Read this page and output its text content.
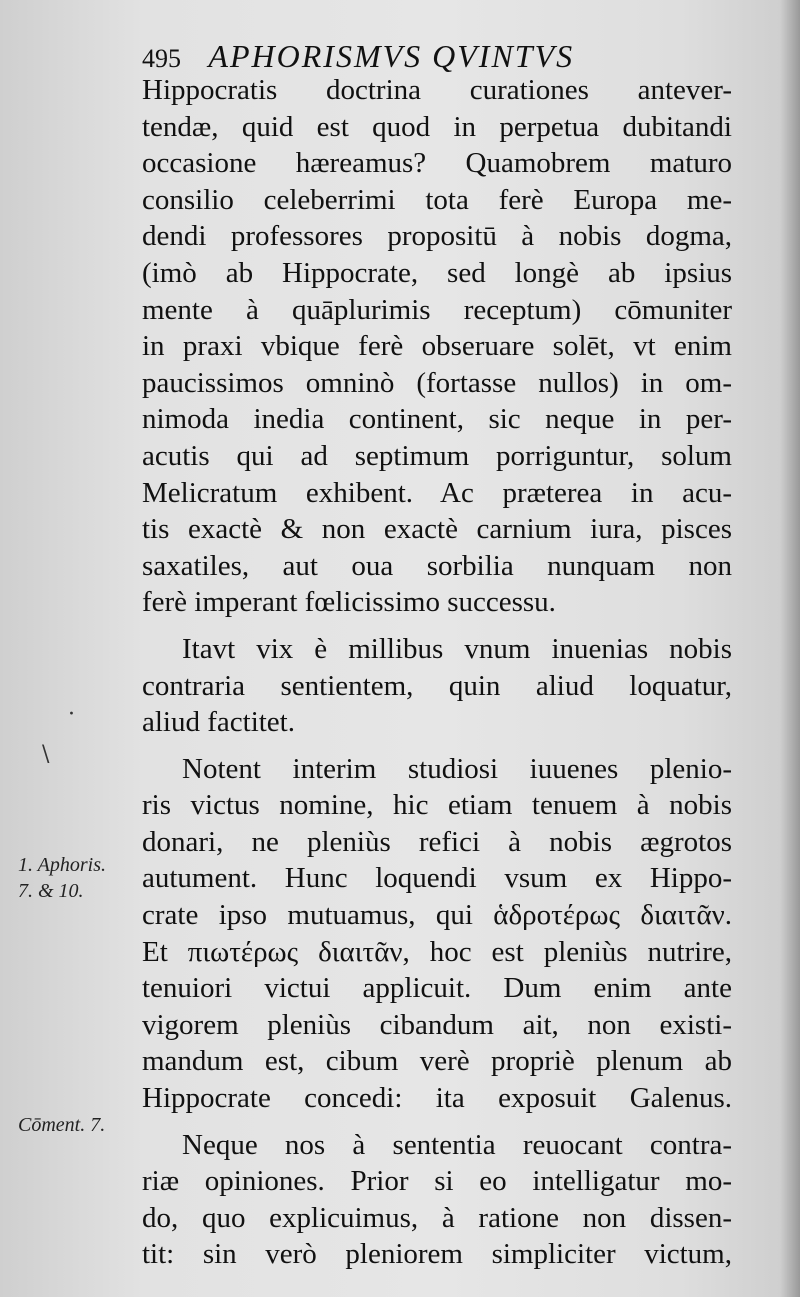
495 APHORISMVS QVINTVS
Hippocratis doctrina curationes antever-
tendæ, quid est quod in perpetua dubitandi
occasione hæreamus? Quamobrem maturo
consilio celeberrimi tota ferè Europa me-
dendi professores propositū à nobis dogma,
(imò ab Hippocrate, sed longè ab ipsius
mente à quāplurimis receptum) cōmuniter
in praxi vbique ferè obseruare solēt, vt enim
paucissimos omninò (fortasse nullos) in om-
nimoda inedia continent, sic neque in per-
acutis qui ad septimum porriguntur, solum
Melicratum exhibent. Ac præterea in acu-
tis exactè & non exactè carnium iura, pisces
saxatiles, aut oua sorbilia nunquam non
ferè imperant fœlicissimo successu.
Itavt vix è millibus vnum inuenias nobis
contraria sentientem, quin aliud loquatur,
aliud factitet.
Notent interim studiosi iuuenes plenio-
ris victus nomine, hic etiam tenuem à nobis
donari, ne pleniùs refici à nobis ægrotos
autument. Hunc loquendi vsum ex Hippo-
crate ipso mutuamus, qui ἁδροτέρως διαιτᾶν.
Et πιωτέρως διαιτᾶν, hoc est pleniùs nutrire,
tenuiori victui applicuit. Dum enim ante
vigorem pleniùs cibandum ait, non existi-
mandum est, cibum verè propriè plenum ab
Hippocrate concedi: ita exposuit Galenus.
Neque nos à sententia reuocant contra-
riæ opiniones. Prior si eo intelligatur mo-
do, quo explicuimus, à ratione non dissen-
tit: sin verò pleniorem simpliciter victum,
1. Aphoris.
7. & 10.
Cōment. 7.
\
·
